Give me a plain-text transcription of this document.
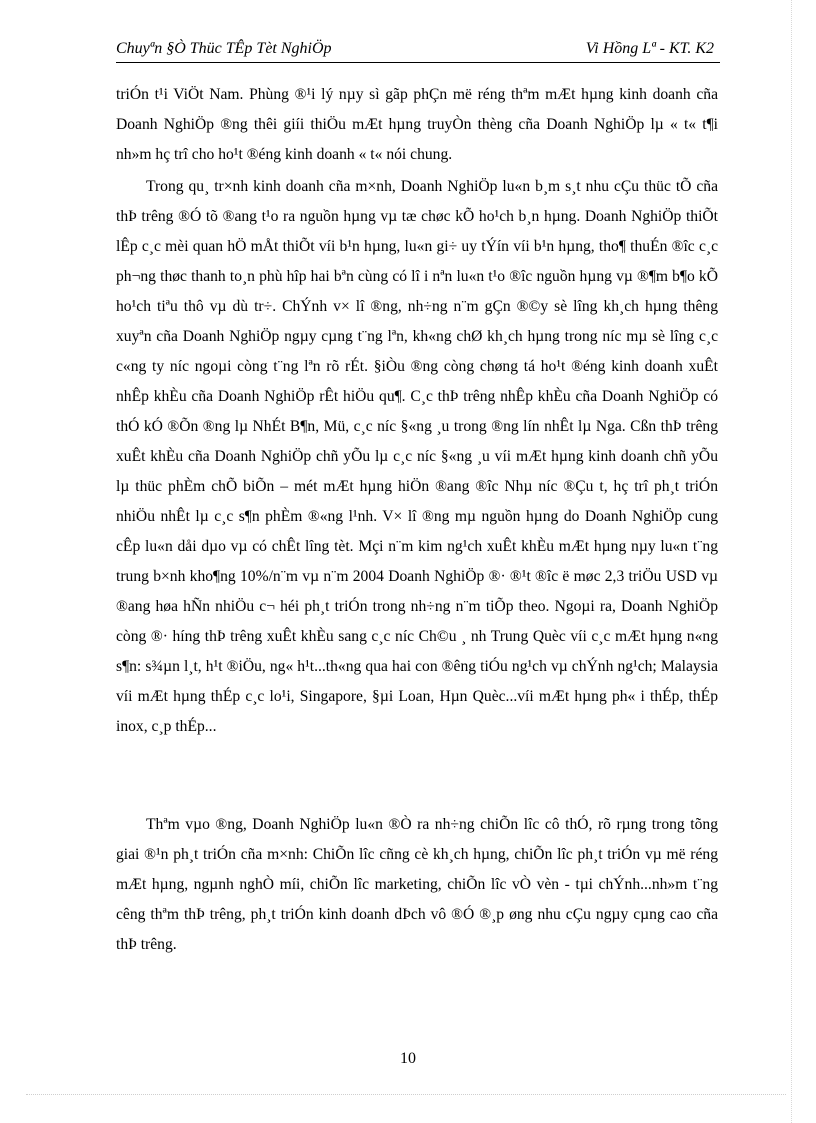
Chuyªn §Ò Thüc TÊp Tèt NghiÖp	Vi Hồng Lª - KT. K2

triÓn t¹i ViÖt Nam. Phùng ®¹i lý nµy sì gãp phÇn më réng thªm mÆt hµng kinh doanh cña Doanh NghiÖp ®ng thêi giíi thiÖu mÆt hµng truyÒn thèng cña Doanh NghiÖp lµ « t« t¶i nh»m hç trî cho ho¹t ®éng kinh doanh « t« nói chung.

Trong qu¸ tr×nh kinh doanh cña m×nh, Doanh NghiÖp lu«n b¸m s¸t nhu cÇu thüc tÕ cña thÞ trêng ®Ó tõ ®ang t¹o ra nguồn hµng vµ tæ chøc kÕ ho¹ch b¸n hµng. Doanh NghiÖp thiÕt lÊp c¸c mèi quan hÖ mÅt thiÕt víi b¹n hµng, lu«n gi÷ uy tÝín víi b¹n hµng, tho¶ thuÉn ®îc c¸c ph¬ng thøc thanh to¸n phù hîp hai bªn cùng có lî i nªn lu«n t¹o ®îc nguồn hµng vµ ®¶m b¶o kÕ ho¹ch tiªu thô vµ dù tr÷. ChÝnh v× lî ®ng, nh÷ng n¨m gÇn ®©y sè lîng kh¸ch hµng thêng xuyªn cña Doanh NghiÖp ngµy cµng t¨ng lªn, kh«ng chØ kh¸ch hµng trong níc mµ sè lîng c¸c c«ng ty níc ngoµi còng t¨ng lªn rõ rÉt. §iÒu ®ng còng chøng tá ho¹t ®éng kinh doanh xuÊt nhÊp khÈu cña Doanh NghiÖp rÊt hiÖu qu¶. C¸c thÞ trêng nhÊp khÈu cña Doanh NghiÖp có thÓ kÓ ®Õn ®ng lµ NhÉt B¶n, Mü, c¸c níc §«ng ¸u trong ®ng lín nhÊt lµ Nga. Cßn thÞ trêng xuÊt khÈu cña Doanh NghiÖp chñ yÕu lµ c¸c níc §«ng ¸u víi mÆt hµng kinh doanh chñ yÕu lµ thüc phÈm chÕ biÕn – mét mÆt hµng hiÖn ®ang ®îc Nhµ níc ®Çu t, hç trî ph¸t triÓn nhiÖu nhÊt lµ c¸c s¶n phÈm ®«ng l¹nh. V× lî ®ng mµ nguồn hµng do Doanh NghiÖp cung cÊp lu«n dåi dµo vµ có chÊt lîng tèt. Mçi n¨m kim ng¹ch xuÊt khÈu mÆt hµng nµy lu«n t¨ng trung b×nh kho¶ng 10%/n¨m vµ n¨m 2004 Doanh NghiÖp ®· ®¹t ®îc ë møc 2,3 triÖu USD vµ ®ang høa hÑn nhiÖu c¬ héi ph¸t triÓn trong nh÷ng n¨m tiÕp theo. Ngoµi ra, Doanh NghiÖp còng ®· híng thÞ trêng xuÊt khÈu sang c¸c níc Ch©u ¸ nh Trung Quèc víi c¸c mÆt hµng n«ng s¶n: s¾µn l¸t, h¹t ®iÖu, ng« h¹t...th«ng qua hai con ®êng tiÓu ng¹ch vµ chÝnh ng¹ch; Malaysia víi mÆt hµng thÉp c¸c lo¹i, Singapore, §µi Loan, Hµn Quèc...víi mÆt hµng ph« i thÉp, thÉp inox, c¸p thÉp...

Thªm vµo ®ng, Doanh NghiÖp lu«n ®Ò ra nh÷ng chiÕn lîc cô thÓ, rõ rµng trong tõng giai ®¹n ph¸t triÓn cña m×nh: ChiÕn lîc cñng cè kh¸ch hµng, chiÕn lîc ph¸t triÓn vµ më réng mÆt hµng, ngµnh nghÒ míi, chiÕn lîc marketing, chiÕn lîc vÒ vèn - tµi chÝnh...nh»m t¨ng cêng thªm thÞ trêng, ph¸t triÓn kinh doanh dÞch vô ®Ó ®¸p øng nhu cÇu ngµy cµng cao cña thÞ trêng.

10
